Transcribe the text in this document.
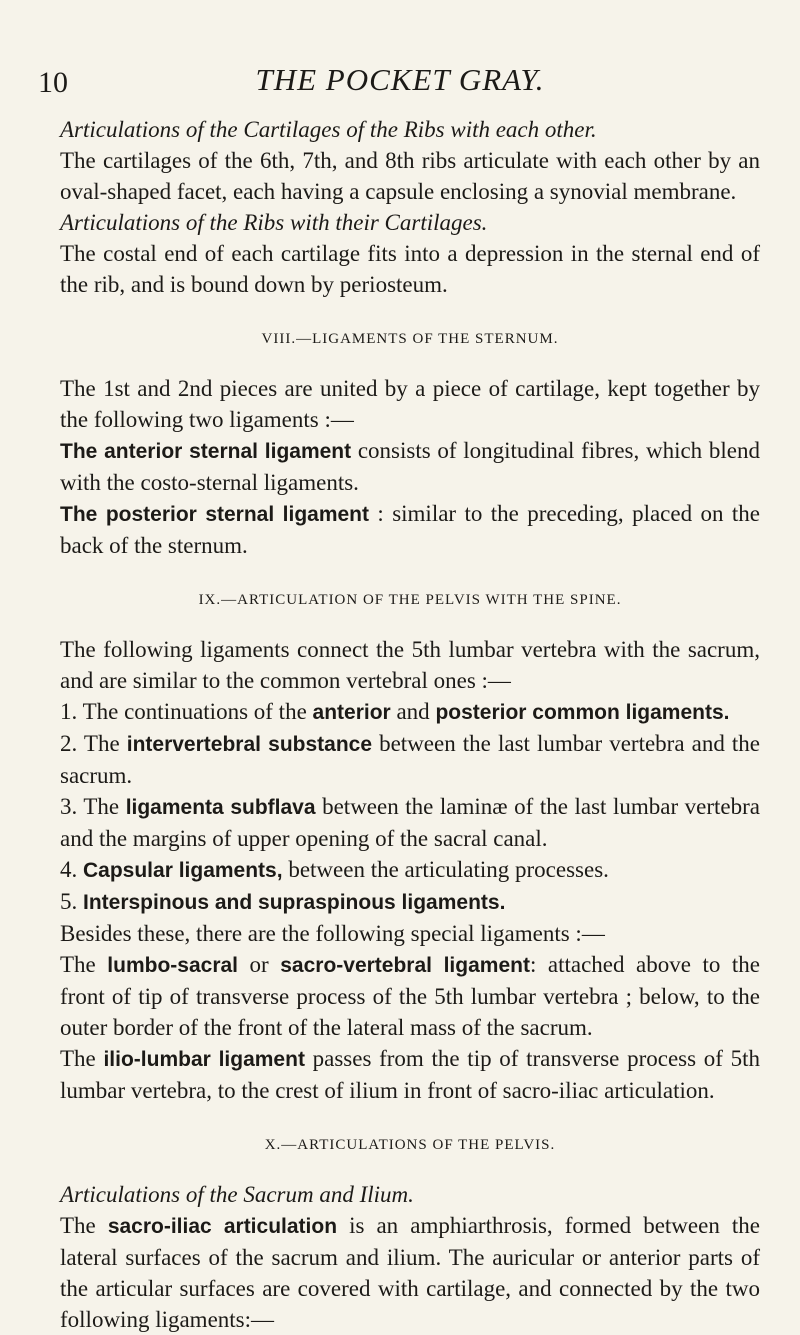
10	THE POCKET GRAY.

Articulations of the Cartilages of the Ribs with each other.

The cartilages of the 6th, 7th, and 8th ribs articulate with each other by an oval-shaped facet, each having a capsule enclosing a synovial membrane.

Articulations of the Ribs with their Cartilages.

The costal end of each cartilage fits into a depression in the sternal end of the rib, and is bound down by periosteum.

VIII.—LIGAMENTS OF THE STERNUM.

The 1st and 2nd pieces are united by a piece of cartilage, kept together by the following two ligaments :—

The anterior sternal ligament consists of longitudinal fibres, which blend with the costo-sternal ligaments.

The posterior sternal ligament : similar to the preceding, placed on the back of the sternum.

IX.—ARTICULATION OF THE PELVIS WITH THE SPINE.

The following ligaments connect the 5th lumbar vertebra with the sacrum, and are similar to the common vertebral ones :—

1. The continuations of the anterior and posterior common ligaments.

2. The intervertebral substance between the last lumbar vertebra and the sacrum.

3. The ligamenta subflava between the laminæ of the last lumbar vertebra and the margins of upper opening of the sacral canal.

4. Capsular ligaments, between the articulating processes.

5. Interspinous and supraspinous ligaments.

Besides these, there are the following special ligaments :—

The lumbo-sacral or sacro-vertebral ligament: attached above to the front of tip of transverse process of the 5th lumbar vertebra ; below, to the outer border of the front of the lateral mass of the sacrum.

The ilio-lumbar ligament passes from the tip of transverse process of 5th lumbar vertebra, to the crest of ilium in front of sacro-iliac articulation.

X.—ARTICULATIONS OF THE PELVIS.

Articulations of the Sacrum and Ilium.

The sacro-iliac articulation is an amphiarthrosis, formed between the lateral surfaces of the sacrum and ilium. The auricular or anterior parts of the articular surfaces are covered with cartilage, and connected by the two following ligaments:—
